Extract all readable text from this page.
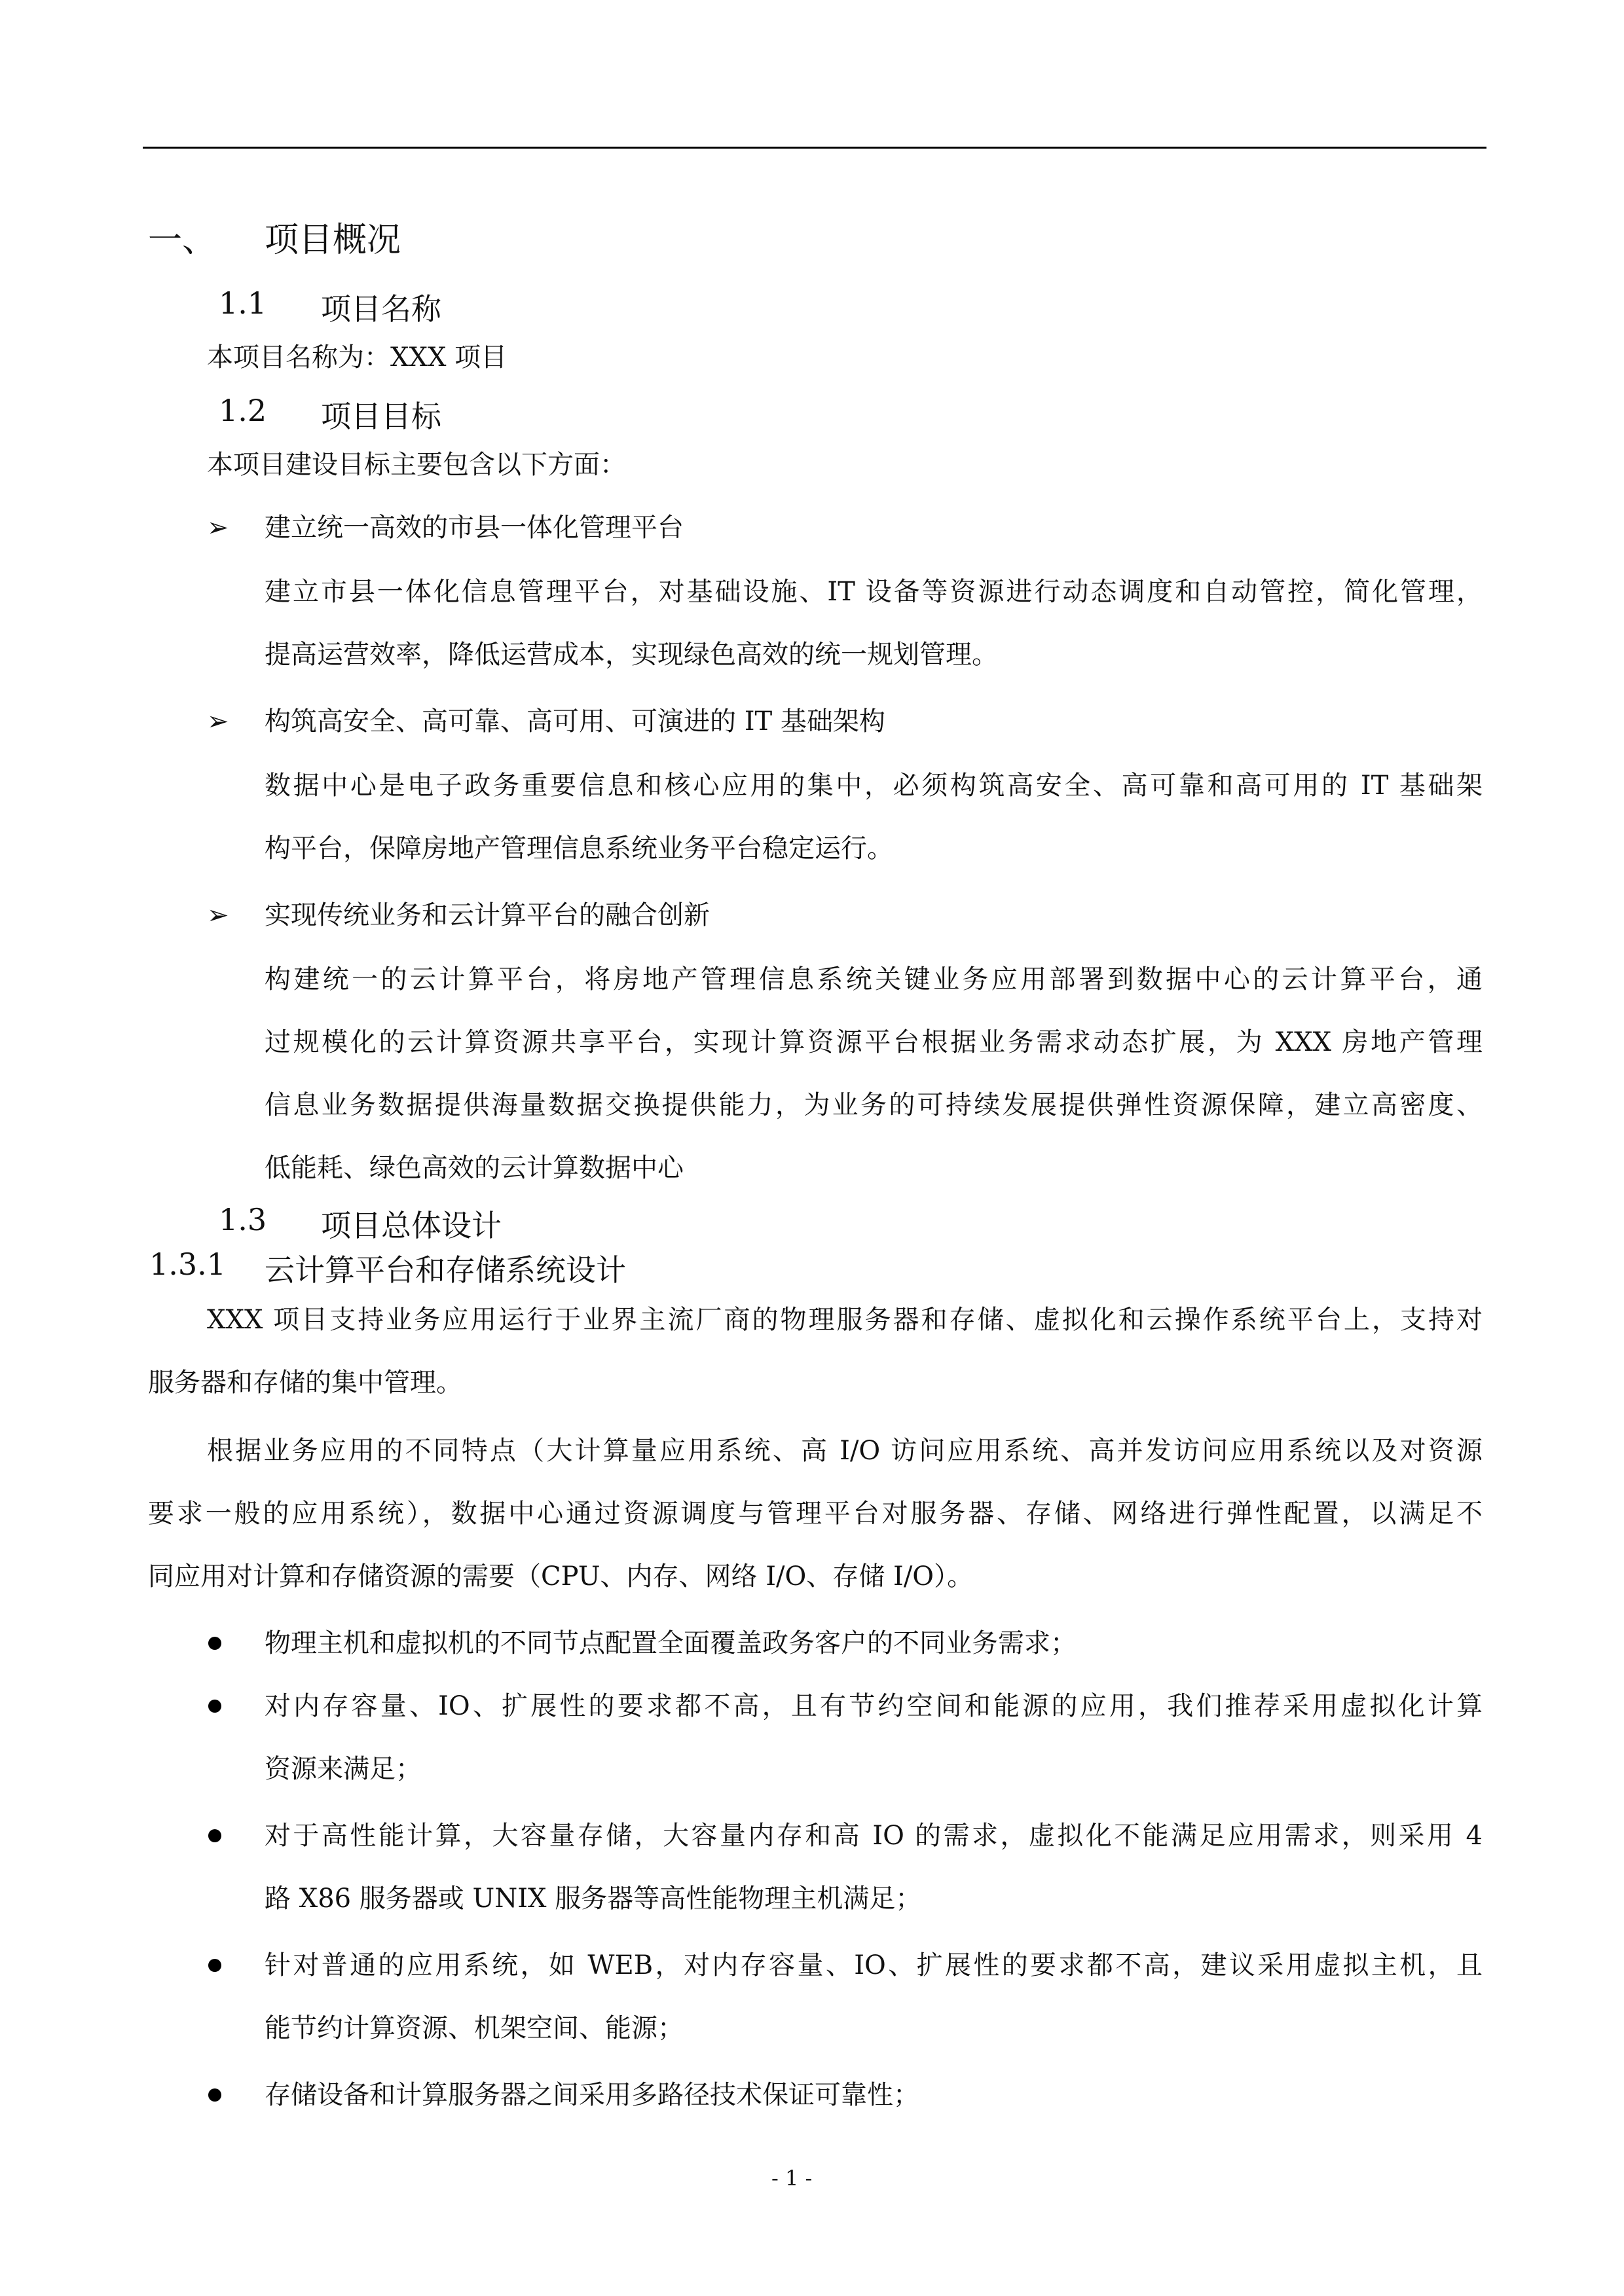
一、 项目概况
1.1 项目名称
本项目名称为：XXX 项目
1.2 项目目标
本项目建设目标主要包含以下方面：
➢ 建立统一高效的市县一体化管理平台
建立市县一体化信息管理平台，对基础设施、IT 设备等资源进行动态调度和自动管控，简化管理，
提高运营效率，降低运营成本，实现绿色高效的统一规划管理。
➢ 构筑高安全、高可靠、高可用、可演进的 IT 基础架构
数据中心是电子政务重要信息和核心应用的集中，必须构筑高安全、高可靠和高可用的 IT 基础架
构平台，保障房地产管理信息系统业务平台稳定运行。
➢ 实现传统业务和云计算平台的融合创新
构建统一的云计算平台，将房地产管理信息系统关键业务应用部署到数据中心的云计算平台，通
过规模化的云计算资源共享平台，实现计算资源平台根据业务需求动态扩展，为 XXX 房地产管理
信息业务数据提供海量数据交换提供能力，为业务的可持续发展提供弹性资源保障，建立高密度、
低能耗、绿色高效的云计算数据中心
1.3 项目总体设计
1.3.1 云计算平台和存储系统设计
XXX 项目支持业务应用运行于业界主流厂商的物理服务器和存储、虚拟化和云操作系统平台上，支持对
服务器和存储的集中管理。
根据业务应用的不同特点（大计算量应用系统、高 I/O 访问应用系统、高并发访问应用系统以及对资源
要求一般的应用系统），数据中心通过资源调度与管理平台对服务器、存储、网络进行弹性配置，以满足不
同应用对计算和存储资源的需要（CPU、内存、网络 I/O、存储 I/O）。
物理主机和虚拟机的不同节点配置全面覆盖政务客户的不同业务需求；
对内存容量、IO、扩展性的要求都不高，且有节约空间和能源的应用，我们推荐采用虚拟化计算
资源来满足；
对于高性能计算，大容量存储，大容量内存和高 IO 的需求，虚拟化不能满足应用需求，则采用 4
路 X86 服务器或 UNIX 服务器等高性能物理主机满足；
针对普通的应用系统，如 WEB，对内存容量、IO、扩展性的要求都不高，建议采用虚拟主机，且
能节约计算资源、机架空间、能源；
存储设备和计算服务器之间采用多路径技术保证可靠性；
- 1 -
